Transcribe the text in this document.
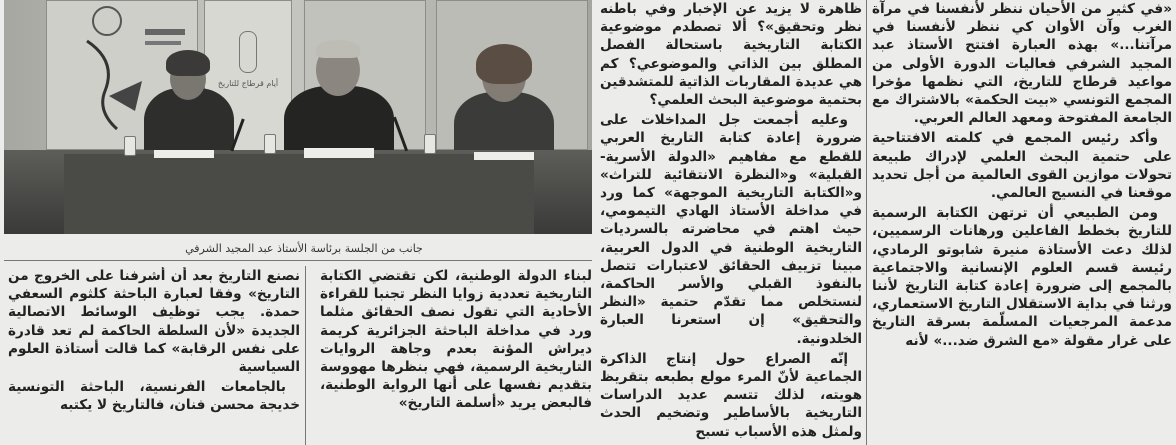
«في كثير من الأحيان ننظر لأنفسنا في مرآة الغرب وآن الأوان كي ننظر لأنفسنا في مرآتنا...» بهذه العبارة افتتح الأستاذ عبد المجيد الشرفي فعاليات الدورة الأولى من مواعيد قرطاج للتاريخ، التي نظمها مؤخرا المجمع التونسي «بيت الحكمة» بالاشتراك مع الجامعة المفتوحة ومعهد العالم العربي.

وأكد رئيس المجمع في كلمته الافتتاحية على حتمية البحث العلمي لإدراك طبيعة تحولات موازين القوى العالمية من أجل تحديد موقعنا في النسيج العالمي.

ومن الطبيعي أن ترتهن الكتابة الرسمية للتاريخ بخطط الفاعلين ورهانات الرسميين، لذلك دعت الأستاذة منيرة شابوتو الرمادي، رئيسة قسم العلوم الإنسانية والاجتماعية بالمجمع إلى ضرورة إعادة كتابة التاريخ لأننا ورثنا في بداية الاستقلال التاريخ الاستعماري، مدعمة المرجعيات المسلّمة بسرقة التاريخ على غرار مقولة «مع الشرق ضد...» لأنه

ظاهرة لا يزيد عن الإخبار وفي باطنه نظر وتحقيق»؟ ألا تصطدم موضوعية الكتابة التاريخية باستحالة الفصل المطلق بين الذاتي والموضوعي؟ كم هي عديدة المقاربات الذاتية للمتشدقين بحتمية موضوعية البحث العلمي؟

وعليه أجمعت جل المداخلات على ضرورة إعادة كتابة التاريخ العربي للقطع مع مفاهيم «الدولة الأسرية-القبلية» و«النظرة الانتقائية للتراث» و«الكتابة التاريخية الموجهة» كما ورد في مداخلة الأستاذ الهادي التيمومي، حيث اهتم في محاضرته بالسرديات التاريخية الوطنية في الدول العربية، مبينا تزييف الحقائق لاعتبارات تتصل بالنفوذ القبلي والأسر الحاكمة، لنستخلص مما تقدّم حتمية «النظر والتحقيق» إن استعرنا العبارة الخلدونية.

إنّه الصراع حول إنتاج الذاكرة الجماعية لأنّ المرء مولع بطبعه بتقريظ هويته، لذلك تتسم عديد الدراسات التاريخية بالأساطير وتضخيم الحدث ولمثل هذه الأسباب تسبح

أيام قرطاج للتاريخ
جانب من الجلسة برئاسة الأستاذ عبد المجيد الشرفي

لبناء الدولة الوطنية، لكن تقتضي الكتابة التاريخية تعددية زوايا النظر تجنبا للقراءة الأحادية التي تقول نصف الحقائق مثلما ورد في مداخلة الباحثة الجزائرية كريمة ديراش المؤنة بعدم وجاهة الروايات التاريخية الرسمية، فهي بنظرها مهووسة بتقديم نفسها على أنها الرواية الوطنية، فالبعض يريد «أسلمة التاريخ»

نصنع التاريخ بعد أن أشرفنا على الخروج من التاريخ» وفقا لعبارة الباحثة كلثوم السعفي حمدة. يجب توظيف الوسائط الاتصالية الجديدة «لأن السلطة الحاكمة لم تعد قادرة على نفس الرقابة» كما قالت أستاذة العلوم السياسية

بالجامعات الفرنسية، الباحثة التونسية خديجة محسن فنان، فالتاريخ لا يكتبه
